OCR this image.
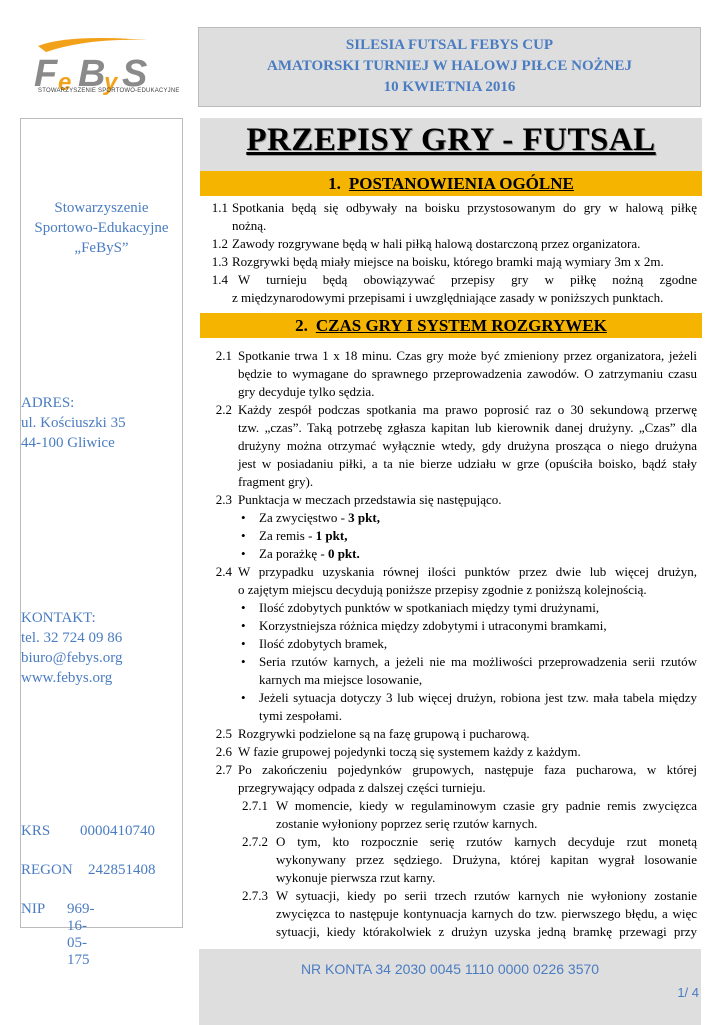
F e B
y S
STOWARZYSZENIE SPORTOWO-EDUKACYJNE
SILESIA FUTSAL FEBYS CUP
AMATORSKI TURNIEJ W HALOWJ PIŁCE NOŻNEJ
10 KWIETNIA 2016
Stowarzyszenie
Sportowo-Edukacyjne
„FeByS”
ADRES:
ul. Kościuszki 35
44-100 Gliwice
KONTAKT:
tel. 32 724 09 86
biuro@febys.org
www.febys.org
KRS 0000410740
REGON 242851408
NIP 969-16-05-175
PRZEPISY GRY - FUTSAL
1. POSTANOWIENIA OGÓLNE
1.1 Spotkania będą się odbywały na boisku przystosowanym do gry w halową piłkę
nożną.
1.2 Zawody rozgrywane będą w hali piłką halową dostarczoną przez organizatora.
1.3 Rozgrywki będą miały miejsce na boisku, którego bramki mają wymiary 3m x 2m.
1.4 W turnieju będą obowiązywać przepisy gry w piłkę nożną zgodne
z międzynarodowymi przepisami i uwzględniające zasady w poniższych punktach.
2. CZAS GRY I SYSTEM ROZGRYWEK
2.1 Spotkanie trwa 1 x 18 minu. Czas gry może być zmieniony przez organizatora, jeżeli
będzie to wymagane do sprawnego przeprowadzenia zawodów. O zatrzymaniu czasu
gry decyduje tylko sędzia.
2.2 Każdy zespół podczas spotkania ma prawo poprosić raz o 30 sekundową przerwę
tzw. „czas”. Taką potrzebę zgłasza kapitan lub kierownik danej drużyny. „Czas” dla
drużyny można otrzymać wyłącznie wtedy, gdy drużyna prosząca o niego drużyna
jest w posiadaniu piłki, a ta nie bierze udziału w grze (opuściła boisko, bądź stały
fragment gry).
2.3 Punktacja w meczach przedstawia się następująco.
• Za zwycięstwo - 3 pkt,
• Za remis - 1 pkt,
• Za porażkę - 0 pkt.
2.4 W przypadku uzyskania równej ilości punktów przez dwie lub więcej drużyn,
o zajętym miejscu decydują poniższe przepisy zgodnie z poniższą kolejnością.
• Ilość zdobytych punktów w spotkaniach między tymi drużynami,
• Korzystniejsza różnica między zdobytymi i utraconymi bramkami,
• Ilość zdobytych bramek,
• Seria rzutów karnych, a jeżeli nie ma możliwości przeprowadzenia serii rzutów
karnych ma miejsce losowanie,
• Jeżeli sytuacja dotyczy 3 lub więcej drużyn, robiona jest tzw. mała tabela między
tymi zespołami.
2.5 Rozgrywki podzielone są na fazę grupową i pucharową.
2.6 W fazie grupowej pojedynki toczą się systemem każdy z każdym.
2.7 Po zakończeniu pojedynków grupowych, następuje faza pucharowa, w której
przegrywający odpada z dalszej części turnieju.
2.7.1 W momencie, kiedy w regulaminowym czasie gry padnie remis zwycięzca
zostanie wyłoniony poprzez serię rzutów karnych.
2.7.2 O tym, kto rozpocznie serię rzutów karnych decyduje rzut monetą
wykonywany przez sędziego. Drużyna, której kapitan wygrał losowanie
wykonuje pierwsza rzut karny.
2.7.3 W sytuacji, kiedy po serii trzech rzutów karnych nie wyłoniony zostanie
zwycięzca to następuje kontynuacja karnych do tzw. pierwszego błędu, a więc
sytuacji, kiedy którakolwiek z drużyn uzyska jedną bramkę przewagi przy
NR KONTA 34 2030 0045 1110 0000 0226 3570
1/ 4
